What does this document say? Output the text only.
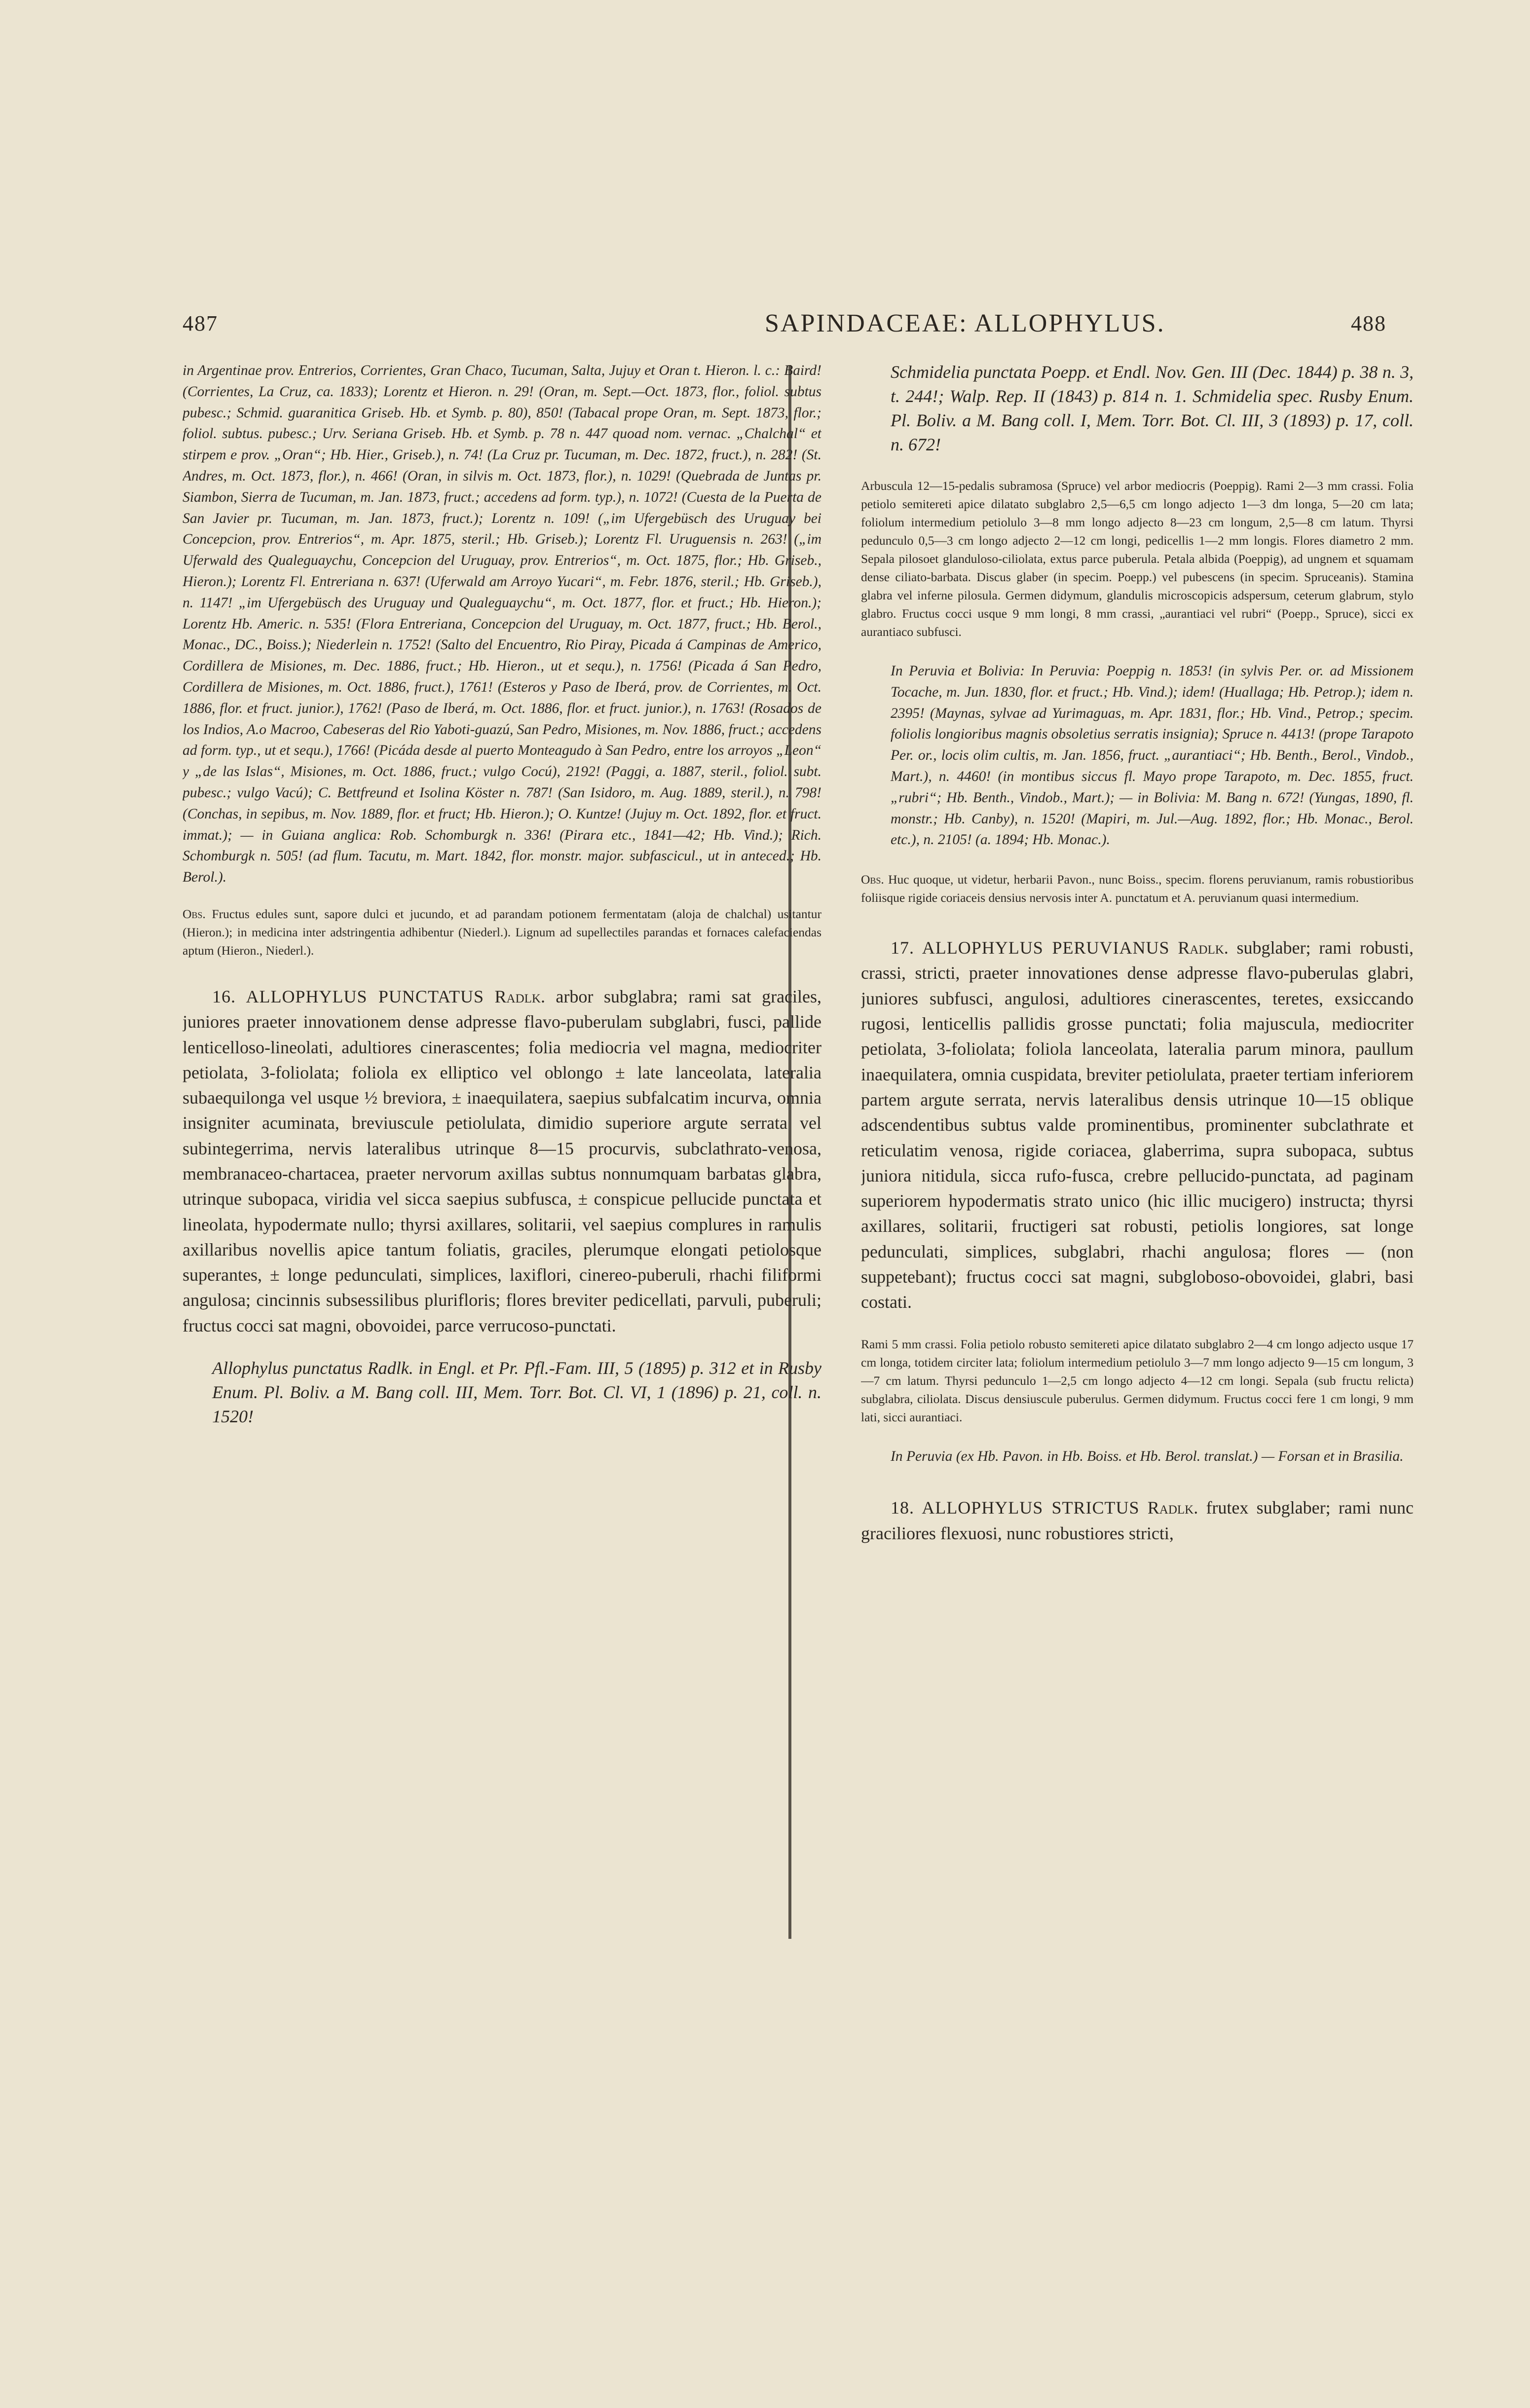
487	SAPINDACEAE: ALLOPHYLUS.	488

in Argentinae prov. Entrerios, Corrientes, Gran Chaco, Tucuman, Salta, Jujuy et Oran t. Hieron. l. c.: Baird! (Corrientes, La Cruz, ca. 1833); Lorentz et Hieron. n. 29! (Oran, m. Sept.—Oct. 1873, flor., foliol. subtus pubesc.; Schmid. guaranitica Griseb. Hb. et Symb. p. 80), 850! (Tabacal prope Oran, m. Sept. 1873, flor.; foliol. subtus. pubesc.; Urv. Seriana Griseb. Hb. et Symb. p. 78 n. 447 quoad nom. vernac. „Chalchal“ et stirpem e prov. „Oran“; Hb. Hier., Griseb.), n. 74! (La Cruz pr. Tucuman, m. Dec. 1872, fruct.), n. 282! (St. Andres, m. Oct. 1873, flor.), n. 466! (Oran, in silvis m. Oct. 1873, flor.), n. 1029! (Quebrada de Juntas pr. Siambon, Sierra de Tucuman, m. Jan. 1873, fruct.; accedens ad form. typ.), n. 1072! (Cuesta de la Puerta de San Javier pr. Tucuman, m. Jan. 1873, fruct.); Lorentz n. 109! („im Ufergebüsch des Uruguay bei Concepcion, prov. Entrerios“, m. Apr. 1875, steril.; Hb. Griseb.); Lorentz Fl. Uruguensis n. 263! („im Uferwald des Qualeguaychu, Concepcion del Uruguay, prov. Entrerios“, m. Oct. 1875, flor.; Hb. Griseb., Hieron.); Lorentz Fl. Entreriana n. 637! (Uferwald am Arroyo Yucari“, m. Febr. 1876, steril.; Hb. Griseb.), n. 1147! „im Ufergebüsch des Uruguay und Qualeguaychu“, m. Oct. 1877, flor. et fruct.; Hb. Hieron.); Lorentz Hb. Americ. n. 535! (Flora Entreriana, Concepcion del Uruguay, m. Oct. 1877, fruct.; Hb. Berol., Monac., DC., Boiss.); Niederlein n. 1752! (Salto del Encuentro, Rio Piray, Picada á Campinas de Americo, Cordillera de Misiones, m. Dec. 1886, fruct.; Hb. Hieron., ut et sequ.), n. 1756! (Picada á San Pedro, Cordillera de Misiones, m. Oct. 1886, fruct.), 1761! (Esteros y Paso de Iberá, prov. de Corrientes, m. Oct. 1886, flor. et fruct. junior.), 1762! (Paso de Iberá, m. Oct. 1886, flor. et fruct. junior.), n. 1763! (Rosados de los Indios, A.o Macroo, Cabeseras del Rio Yaboti-guazú, San Pedro, Misiones, m. Nov. 1886, fruct.; accedens ad form. typ., ut et sequ.), 1766! (Picáda desde al puerto Monteagudo à San Pedro, entre los arroyos „Leon“ y „de las Islas“, Misiones, m. Oct. 1886, fruct.; vulgo Cocú), 2192! (Paggi, a. 1887, steril., foliol. subt. pubesc.; vulgo Vacú); C. Bettfreund et Isolina Köster n. 787! (San Isidoro, m. Aug. 1889, steril.), n. 798! (Conchas, in sepibus, m. Nov. 1889, flor. et fruct; Hb. Hieron.); O. Kuntze! (Jujuy m. Oct. 1892, flor. et fruct. immat.); — in Guiana anglica: Rob. Schomburgk n. 336! (Pirara etc., 1841—42; Hb. Vind.); Rich. Schomburgk n. 505! (ad flum. Tacutu, m. Mart. 1842, flor. monstr. major. subfascicul., ut in anteced.; Hb. Berol.).

Obs. Fructus edules sunt, sapore dulci et jucundo, et ad parandam potionem fermentatam (aloja de chalchal) usitantur (Hieron.); in medicina inter adstringentia adhibentur (Niederl.). Lignum ad supellectiles parandas et fornaces calefaciendas aptum (Hieron., Niederl.).

16. ALLOPHYLUS PUNCTATUS Radlk. arbor subglabra; rami sat graciles, juniores praeter innovationem dense adpresse flavo-puberulam subglabri, fusci, pallide lenticelloso-lineolati, adultiores cinerascentes; folia mediocria vel magna, mediocriter petiolata, 3-foliolata; foliola ex elliptico vel oblongo ± late lanceolata, lateralia subaequilonga vel usque ½ breviora, ± inaequilatera, saepius subfalcatim incurva, omnia insigniter acuminata, breviuscule petiolulata, dimidio superiore argute serrata vel subintegerrima, nervis lateralibus utrinque 8—15 procurvis, subclathrato-venosa, membranaceo-chartacea, praeter nervorum axillas subtus nonnumquam barbatas glabra, utrinque subopaca, viridia vel sicca saepius subfusca, ± conspicue pellucide punctata et lineolata, hypodermate nullo; thyrsi axillares, solitarii, vel saepius complures in ramulis axillaribus novellis apice tantum foliatis, graciles, plerumque elongati petiolosque superantes, ± longe pedunculati, simplices, laxiflori, cinereo-puberuli, rhachi filiformi angulosa; cincinnis subsessilibus plurifloris; flores breviter pedicellati, parvuli, puberuli; fructus cocci sat magni, obovoidei, parce verrucoso-punctati.

Allophylus punctatus Radlk. in Engl. et Pr. Pfl.-Fam. III, 5 (1895) p. 312 et in Rusby Enum. Pl. Boliv. a M. Bang coll. III, Mem. Torr. Bot. Cl. VI, 1 (1896) p. 21, coll. n. 1520!

Schmidelia punctata Poepp. et Endl. Nov. Gen. III (Dec. 1844) p. 38 n. 3, t. 244!; Walp. Rep. II (1843) p. 814 n. 1. Schmidelia spec. Rusby Enum. Pl. Boliv. a M. Bang coll. I, Mem. Torr. Bot. Cl. III, 3 (1893) p. 17, coll. n. 672!

Arbuscula 12—15-pedalis subramosa (Spruce) vel arbor mediocris (Poeppig). Rami 2—3 mm crassi. Folia petiolo semitereti apice dilatato subglabro 2,5—6,5 cm longo adjecto 1—3 dm longa, 5—20 cm lata; foliolum intermedium petiolulo 3—8 mm longo adjecto 8—23 cm longum, 2,5—8 cm latum. Thyrsi pedunculo 0,5—3 cm longo adjecto 2—12 cm longi, pedicellis 1—2 mm longis. Flores diametro 2 mm. Sepala pilosoet glandulosо-ciliolata, extus parce puberula. Petala albida (Poeppig), ad ungnem et squamam dense ciliato-barbata. Discus glaber (in specim. Poepp.) vel pubescens (in specim. Spruceanis). Stamina glabra vel inferne pilosula. Germen didymum, glandulis microscopicis adspersum, ceterum glabrum, stylo glabro. Fructus cocci usque 9 mm longi, 8 mm crassi, „aurantiaci vel rubri“ (Poepp., Spruce), sicci ex aurantiaco subfusci.

In Peruvia et Bolivia: In Peruvia: Poeppig n. 1853! (in sylvis Per. or. ad Missionem Tocache, m. Jun. 1830, flor. et fruct.; Hb. Vind.); idem! (Huallaga; Hb. Petrop.); idem n. 2395! (Maynas, sylvae ad Yurimaguas, m. Apr. 1831, flor.; Hb. Vind., Petrop.; specim. foliolis longioribus magnis obsoletius serratis insignia); Spruce n. 4413! (prope Tarapoto Per. or., locis olim cultis, m. Jan. 1856, fruct. „aurantiaci“; Hb. Benth., Berol., Vindob., Mart.), n. 4460! (in montibus siccus fl. Mayo prope Tarapoto, m. Dec. 1855, fruct. „rubri“; Hb. Benth., Vindob., Mart.); — in Bolivia: M. Bang n. 672! (Yungas, 1890, fl. monstr.; Hb. Canby), n. 1520! (Mapiri, m. Jul.—Aug. 1892, flor.; Hb. Monac., Berol. etc.), n. 2105! (a. 1894; Hb. Monac.).

Obs. Huc quoque, ut videtur, herbarii Pavon., nunc Boiss., specim. florens peruvianum, ramis robustioribus foliisque rigide coriaceis densius nervosis inter A. punctatum et A. peruvianum quasi intermedium.

17. ALLOPHYLUS PERUVIANUS Radlk. subglaber; rami robusti, crassi, stricti, praeter innovationes dense adpresse flavo-puberulas glabri, juniores subfusci, angulosi, adultiores cinerascentes, teretes, exsiccando rugosi, lenticellis pallidis grosse punctati; folia majuscula, mediocriter petiolata, 3-foliolata; foliola lanceolata, lateralia parum minora, paullum inaequilatera, omnia cuspidata, breviter petiolulata, praeter tertiam inferiorem partem argute serrata, nervis lateralibus densis utrinque 10—15 oblique adscendentibus subtus valde prominentibus, prominenter subclathrate et reticulatim venosa, rigide coriacea, glaberrima, supra subopaca, subtus juniora nitidula, sicca rufo-fusca, crebre pellucido-punctata, ad paginam superiorem hypodermatis strato unico (hic illic mucigero) instructa; thyrsi axillares, solitarii, fructigeri sat robusti, petiolis longiores, sat longe pedunculati, simplices, subglabri, rhachi angulosa; flores — (non suppetebant); fructus cocci sat magni, subgloboso-obovoidei, glabri, basi costati.

Rami 5 mm crassi. Folia petiolo robusto semitereti apice dilatato subglabro 2—4 cm longo adjecto usque 17 cm longa, totidem circiter lata; foliolum intermedium petiolulo 3—7 mm longo adjecto 9—15 cm longum, 3—7 cm latum. Thyrsi pedunculo 1—2,5 cm longo adjecto 4—12 cm longi. Sepala (sub fructu relicta) subglabra, ciliolata. Discus densiuscule puberulus. Germen didymum. Fructus cocci fere 1 cm longi, 9 mm lati, sicci aurantiaci.

In Peruvia (ex Hb. Pavon. in Hb. Boiss. et Hb. Berol. translat.) — Forsan et in Brasilia.

18. ALLOPHYLUS STRICTUS Radlk. frutex subglaber; rami nunc graciliores flexuosi, nunc robustiores stricti,
